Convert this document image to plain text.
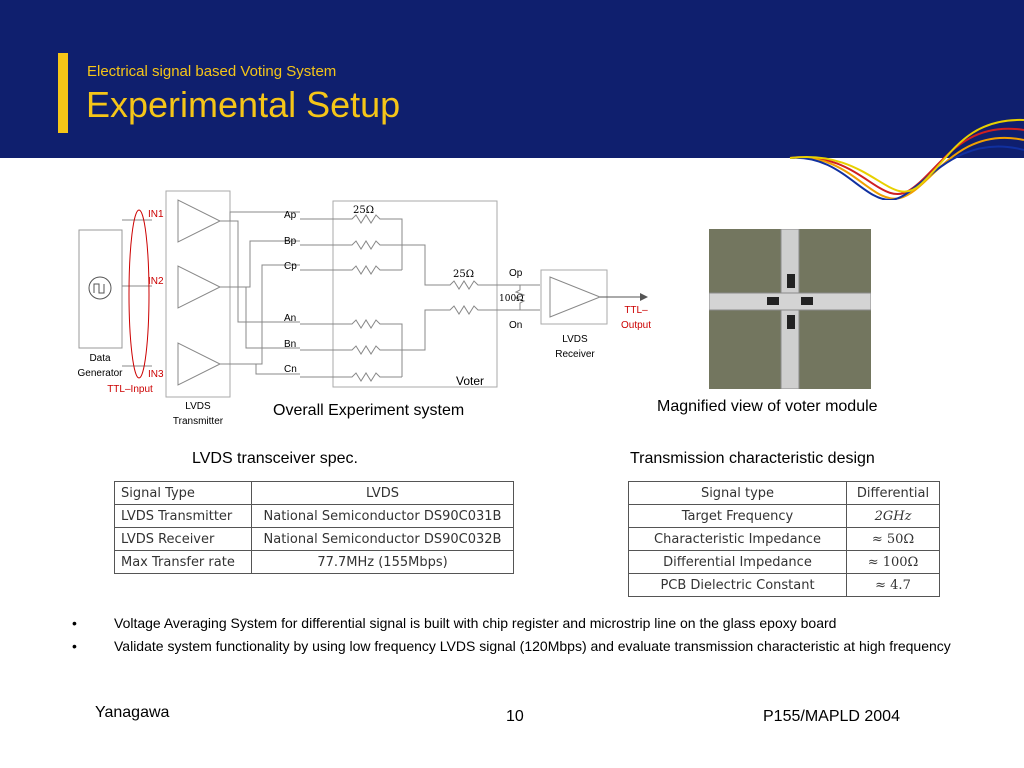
Electrical signal based Voting System
Experimental Setup
Data
Generator
TTL–Input
IN1
IN2
IN3
LVDS
Transmitter
Voter
Ap
Bp
Cp
An
Bn
Cn
25Ω
25Ω
100Ω
Op
On
LVDS
Receiver
TTL–
Output
Overall Experiment system	Magnified view of voter module
LVDS transceiver spec.	Transmission characteristic design
Signal Type	LVDS
LVDS Transmitter	National Semiconductor DS90C031B
LVDS Receiver	National Semiconductor DS90C032B
Max Transfer rate	77.7MHz (155Mbps)
Signal type	Differential
Target Frequency	2GHz
Characteristic Impedance	≈ 50Ω
Differential Impedance	≈ 100Ω
PCB Dielectric Constant	≈ 4.7
•	Voltage Averaging System for differential signal is built with chip register and microstrip line on the glass epoxy board
•	Validate system functionality by using low frequency LVDS signal (120Mbps) and evaluate transmission characteristic at high frequency
Yanagawa	10	P155/MAPLD 2004
